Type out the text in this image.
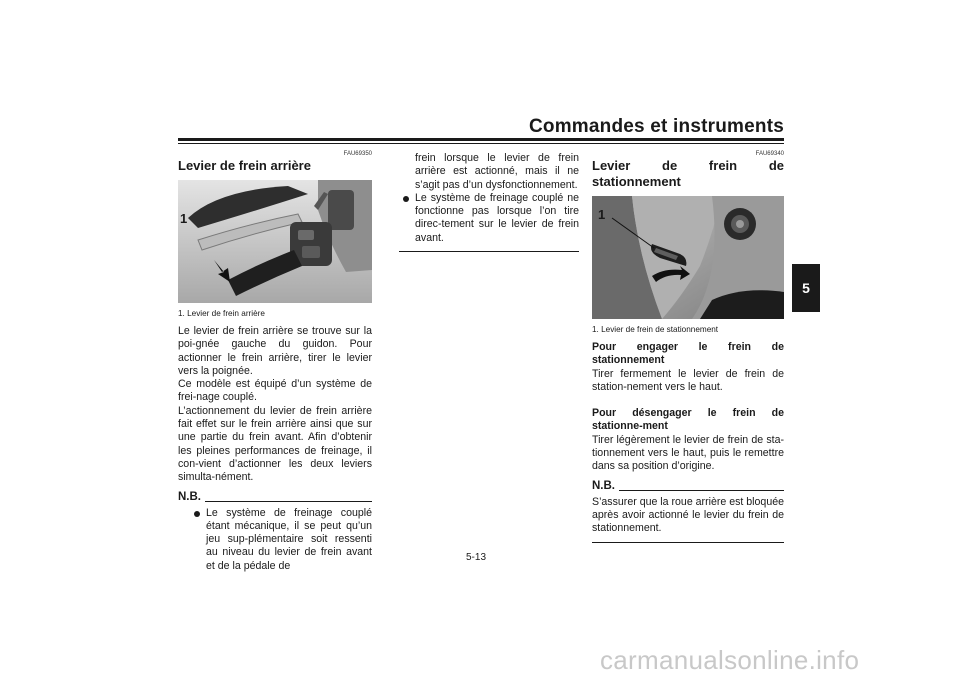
Commandes et instruments
5
FAU69350
Levier de frein arrière
1
1. Levier de frein arrière

Le levier de frein arrière se trouve sur la poi-gnée gauche du guidon. Pour actionner le frein arrière, tirer le levier vers la poignée.

Ce modèle est équipé d’un système de frei-nage couplé.

L’actionnement du levier de frein arrière fait effet sur le frein arrière ainsi que sur une partie du frein avant. Afin d’obtenir les pleines performances de freinage, il con-vient d’actionner les deux leviers simulta-nément.

N.B.
Le système de freinage couplé étant mécanique, il se peut qu’un jeu sup-plémentaire soit ressenti au niveau du levier de frein avant et de la pédale de
frein lorsque le levier de frein arrière est actionné, mais il ne s’agit pas d’un dysfonctionnement.
Le système de freinage couplé ne fonctionne pas lorsque l’on tire direc-tement sur le levier de frein avant.
FAU69340
Levier de frein de stationnement
1
1. Levier de frein de stationnement

Pour engager le frein de stationnement

Tirer fermement le levier de frein de station-nement vers le haut.

Pour désengager le frein de stationne-ment

Tirer légèrement le levier de frein de sta-tionnement vers le haut, puis le remettre dans sa position d’origine.

N.B.

S’assurer que la roue arrière est bloquée après avoir actionné le levier du frein de stationnement.

5-13
carmanualsonline.info
